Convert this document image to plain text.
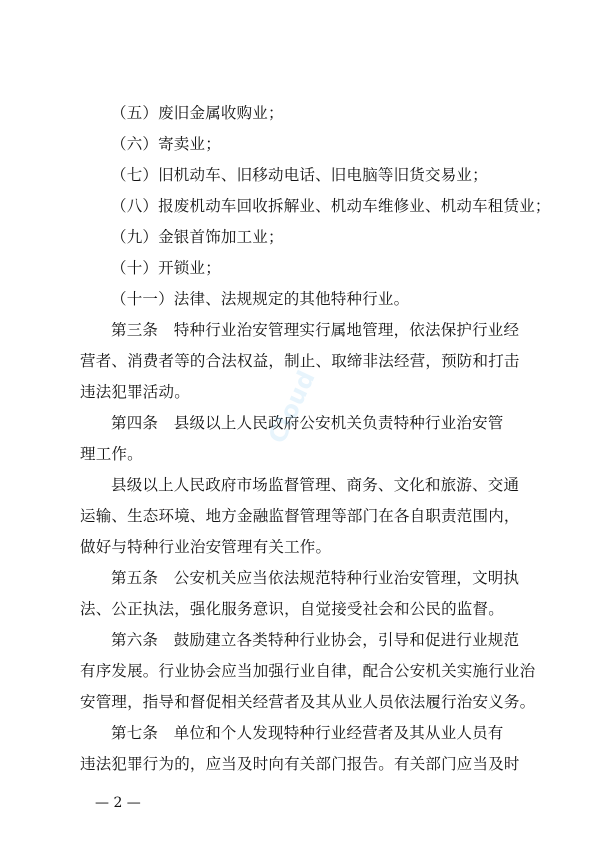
（五）废旧金属收购业；
（六）寄卖业；
（七）旧机动车、旧移动电话、旧电脑等旧货交易业；
（八）报废机动车回收拆解业、机动车维修业、机动车租赁业；
（九）金银首饰加工业；
（十）开锁业；
（十一）法律、法规规定的其他特种行业。
第三条　特种行业治安管理实行属地管理，依法保护行业经
营者、消费者等的合法权益，制止、取缔非法经营，预防和打击
违法犯罪活动。
第四条　县级以上人民政府公安机关负责特种行业治安管
理工作。
县级以上人民政府市场监督管理、商务、文化和旅游、交通
运输、生态环境、地方金融监督管理等部门在各自职责范围内，
做好与特种行业治安管理有关工作。
第五条　公安机关应当依法规范特种行业治安管理，文明执
法、公正执法，强化服务意识，自觉接受社会和公民的监督。
第六条　鼓励建立各类特种行业协会，引导和促进行业规范
有序发展。行业协会应当加强行业自律，配合公安机关实施行业治
安管理，指导和督促相关经营者及其从业人员依法履行治安义务。
第七条　单位和个人发现特种行业经营者及其从业人员有
违法犯罪行为的，应当及时向有关部门报告。有关部门应当及时
— 2 —
Cloud
